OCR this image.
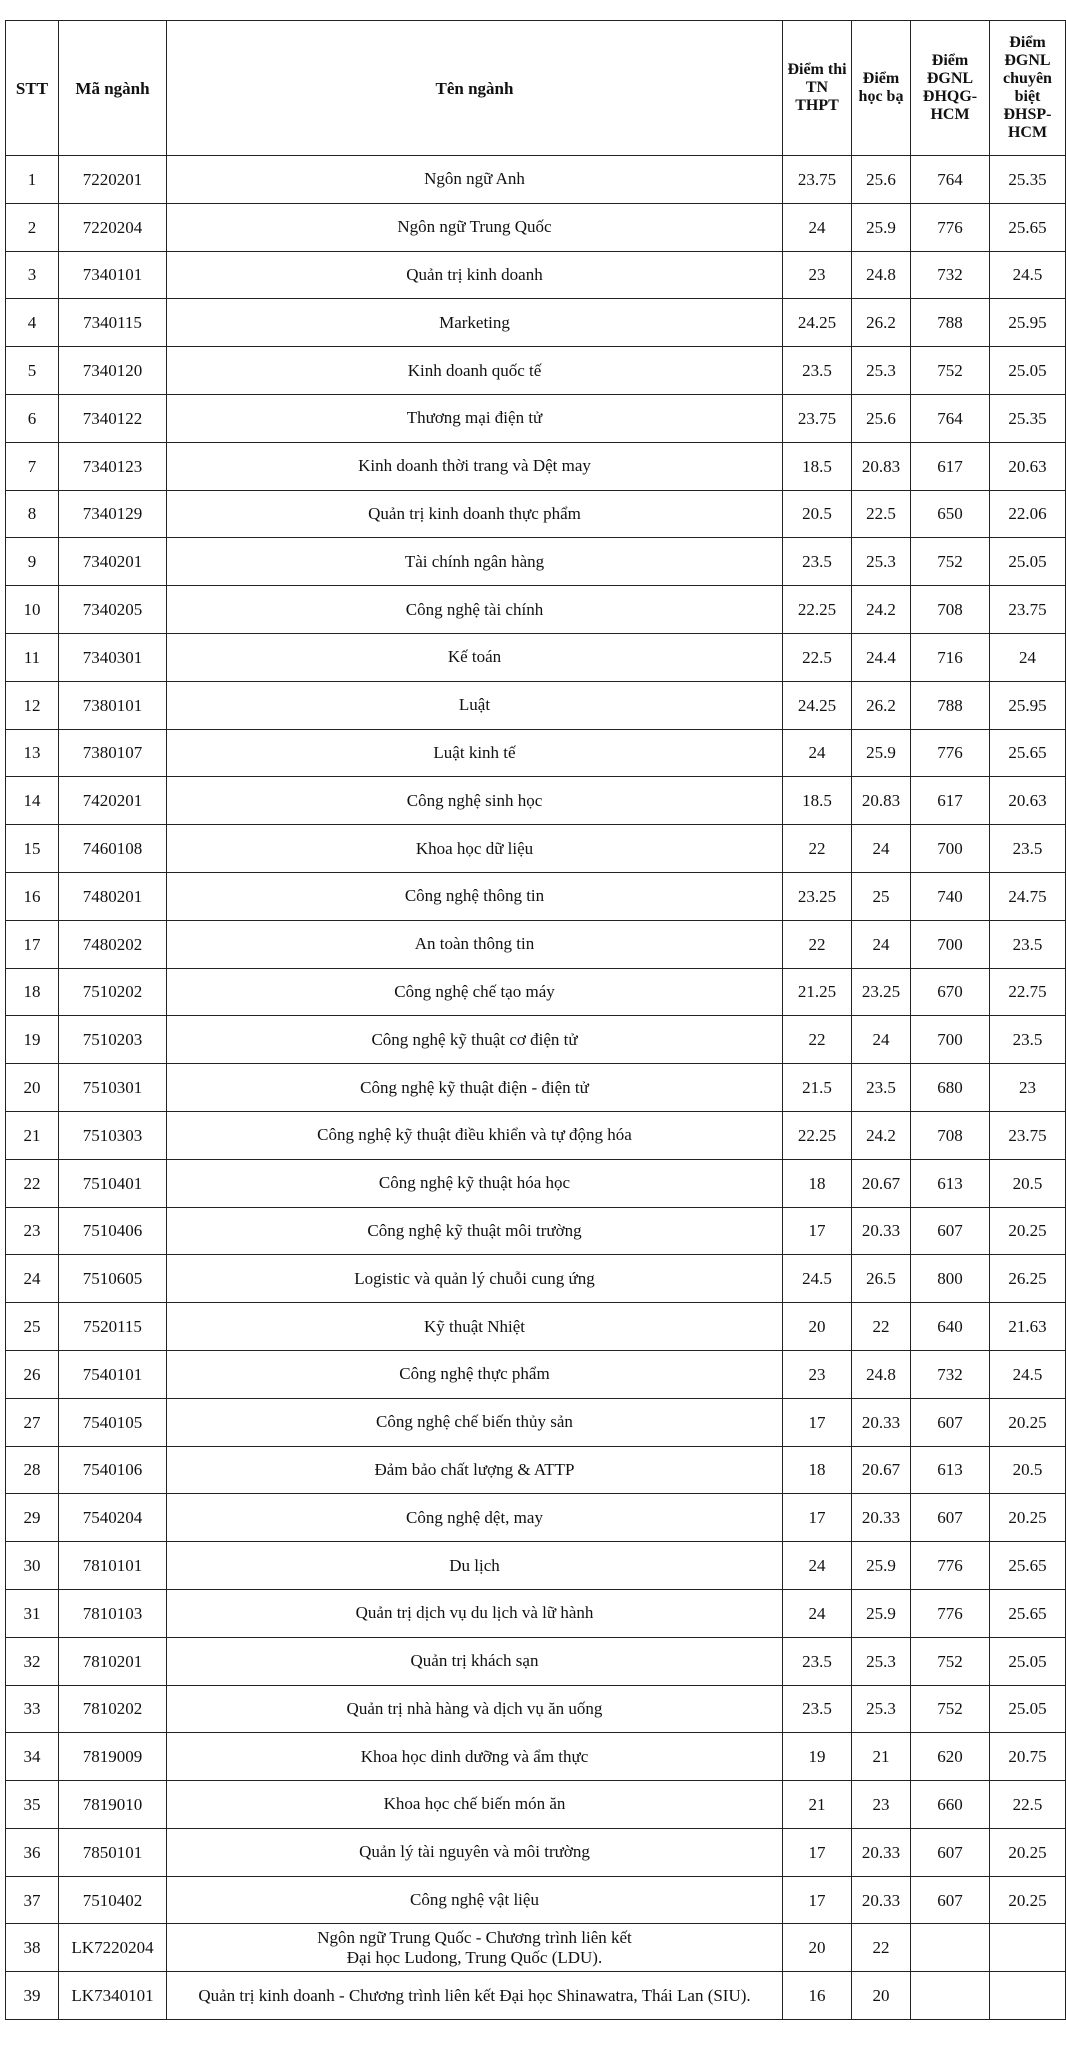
STT	Mã ngành	Tên ngành	Điểm thi TN THPT	Điểm học bạ	Điểm ĐGNL ĐHQG-HCM	Điểm ĐGNL chuyên biệt ĐHSP-HCM
1	7220201	Ngôn ngữ Anh	23.75	25.6	764	25.35
2	7220204	Ngôn ngữ Trung Quốc	24	25.9	776	25.65
3	7340101	Quản trị kinh doanh	23	24.8	732	24.5
4	7340115	Marketing	24.25	26.2	788	25.95
5	7340120	Kinh doanh quốc tế	23.5	25.3	752	25.05
6	7340122	Thương mại điện tử	23.75	25.6	764	25.35
7	7340123	Kinh doanh thời trang và Dệt may	18.5	20.83	617	20.63
8	7340129	Quản trị kinh doanh thực phẩm	20.5	22.5	650	22.06
9	7340201	Tài chính ngân hàng	23.5	25.3	752	25.05
10	7340205	Công nghệ tài chính	22.25	24.2	708	23.75
11	7340301	Kế toán	22.5	24.4	716	24
12	7380101	Luật	24.25	26.2	788	25.95
13	7380107	Luật kinh tế	24	25.9	776	25.65
14	7420201	Công nghệ sinh học	18.5	20.83	617	20.63
15	7460108	Khoa học dữ liệu	22	24	700	23.5
16	7480201	Công nghệ thông tin	23.25	25	740	24.75
17	7480202	An toàn thông tin	22	24	700	23.5
18	7510202	Công nghệ chế tạo máy	21.25	23.25	670	22.75
19	7510203	Công nghệ kỹ thuật cơ điện tử	22	24	700	23.5
20	7510301	Công nghệ kỹ thuật điện - điện tử	21.5	23.5	680	23
21	7510303	Công nghệ kỹ thuật điều khiển và tự động hóa	22.25	24.2	708	23.75
22	7510401	Công nghệ kỹ thuật hóa học	18	20.67	613	20.5
23	7510406	Công nghệ kỹ thuật môi trường	17	20.33	607	20.25
24	7510605	Logistic và quản lý chuỗi cung ứng	24.5	26.5	800	26.25
25	7520115	Kỹ thuật Nhiệt	20	22	640	21.63
26	7540101	Công nghệ thực phẩm	23	24.8	732	24.5
27	7540105	Công nghệ chế biến thủy sản	17	20.33	607	20.25
28	7540106	Đảm bảo chất lượng & ATTP	18	20.67	613	20.5
29	7540204	Công nghệ dệt, may	17	20.33	607	20.25
30	7810101	Du lịch	24	25.9	776	25.65
31	7810103	Quản trị dịch vụ du lịch và lữ hành	24	25.9	776	25.65
32	7810201	Quản trị khách sạn	23.5	25.3	752	25.05
33	7810202	Quản trị nhà hàng và dịch vụ ăn uống	23.5	25.3	752	25.05
34	7819009	Khoa học dinh dưỡng và ẩm thực	19	21	620	20.75
35	7819010	Khoa học chế biến món ăn	21	23	660	22.5
36	7850101	Quản lý tài nguyên và môi trường	17	20.33	607	20.25
37	7510402	Công nghệ vật liệu	17	20.33	607	20.25
38	LK7220204	Ngôn ngữ Trung Quốc - Chương trình liên kết
Đại học Ludong, Trung Quốc (LDU).	20	22		
39	LK7340101	Quản trị kinh doanh - Chương trình liên kết Đại học Shinawatra, Thái Lan (SIU).	16	20		
